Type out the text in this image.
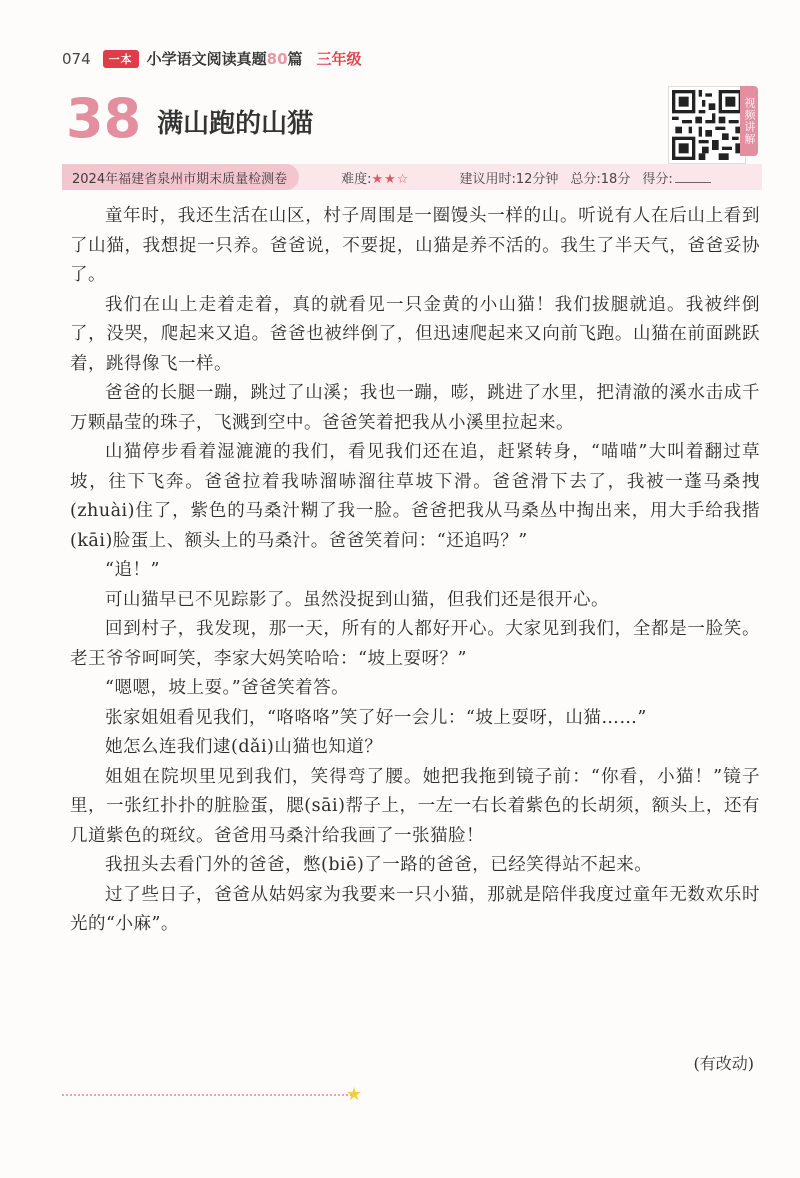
074	一本 小学语文阅读真题80篇 三年级
38 满山跑的山猫	视频讲解
2024年福建省泉州市期末质量检测卷	难度:★★☆	建议用时:12分钟 总分:18分 得分:

童年时，我还生活在山区，村子周围是一圈馒头一样的山。听说有人在后山上看到了山猫，我想捉一只养。爸爸说，不要捉，山猫是养不活的。我生了半天气，爸爸妥协了。

我们在山上走着走着，真的就看见一只金黄的小山猫！我们拔腿就追。我被绊倒了，没哭，爬起来又追。爸爸也被绊倒了，但迅速爬起来又向前飞跑。山猫在前面跳跃着，跳得像飞一样。

爸爸的长腿一蹦，跳过了山溪；我也一蹦，嘭，跳进了水里，把清澈的溪水击成千万颗晶莹的珠子，飞溅到空中。爸爸笑着把我从小溪里拉起来。

山猫停步看着湿漉漉的我们，看见我们还在追，赶紧转身，“喵喵”大叫着翻过草坡，往下飞奔。爸爸拉着我哧溜哧溜往草坡下滑。爸爸滑下去了，我被一蓬马桑拽(zhuài)住了，紫色的马桑汁糊了我一脸。爸爸把我从马桑丛中掏出来，用大手给我揩(kāi)脸蛋上、额头上的马桑汁。爸爸笑着问：“还追吗？”

“追！”

可山猫早已不见踪影了。虽然没捉到山猫，但我们还是很开心。

回到村子，我发现，那一天，所有的人都好开心。大家见到我们，全都是一脸笑。老王爷爷呵呵笑，李家大妈笑哈哈：“坡上耍呀？”

“嗯嗯，坡上耍。”爸爸笑着答。

张家姐姐看见我们，“咯咯咯”笑了好一会儿：“坡上耍呀，山猫……”

她怎么连我们逮(dǎi)山猫也知道？

姐姐在院坝里见到我们，笑得弯了腰。她把我拖到镜子前：“你看，小猫！”镜子里，一张红扑扑的脏脸蛋，腮(sāi)帮子上，一左一右长着紫色的长胡须，额头上，还有几道紫色的斑纹。爸爸用马桑汁给我画了一张猫脸！

我扭头去看门外的爸爸，憋(biē)了一路的爸爸，已经笑得站不起来。

过了些日子，爸爸从姑妈家为我要来一只小猫，那就是陪伴我度过童年无数欢乐时光的“小麻”。

(有改动)
★
